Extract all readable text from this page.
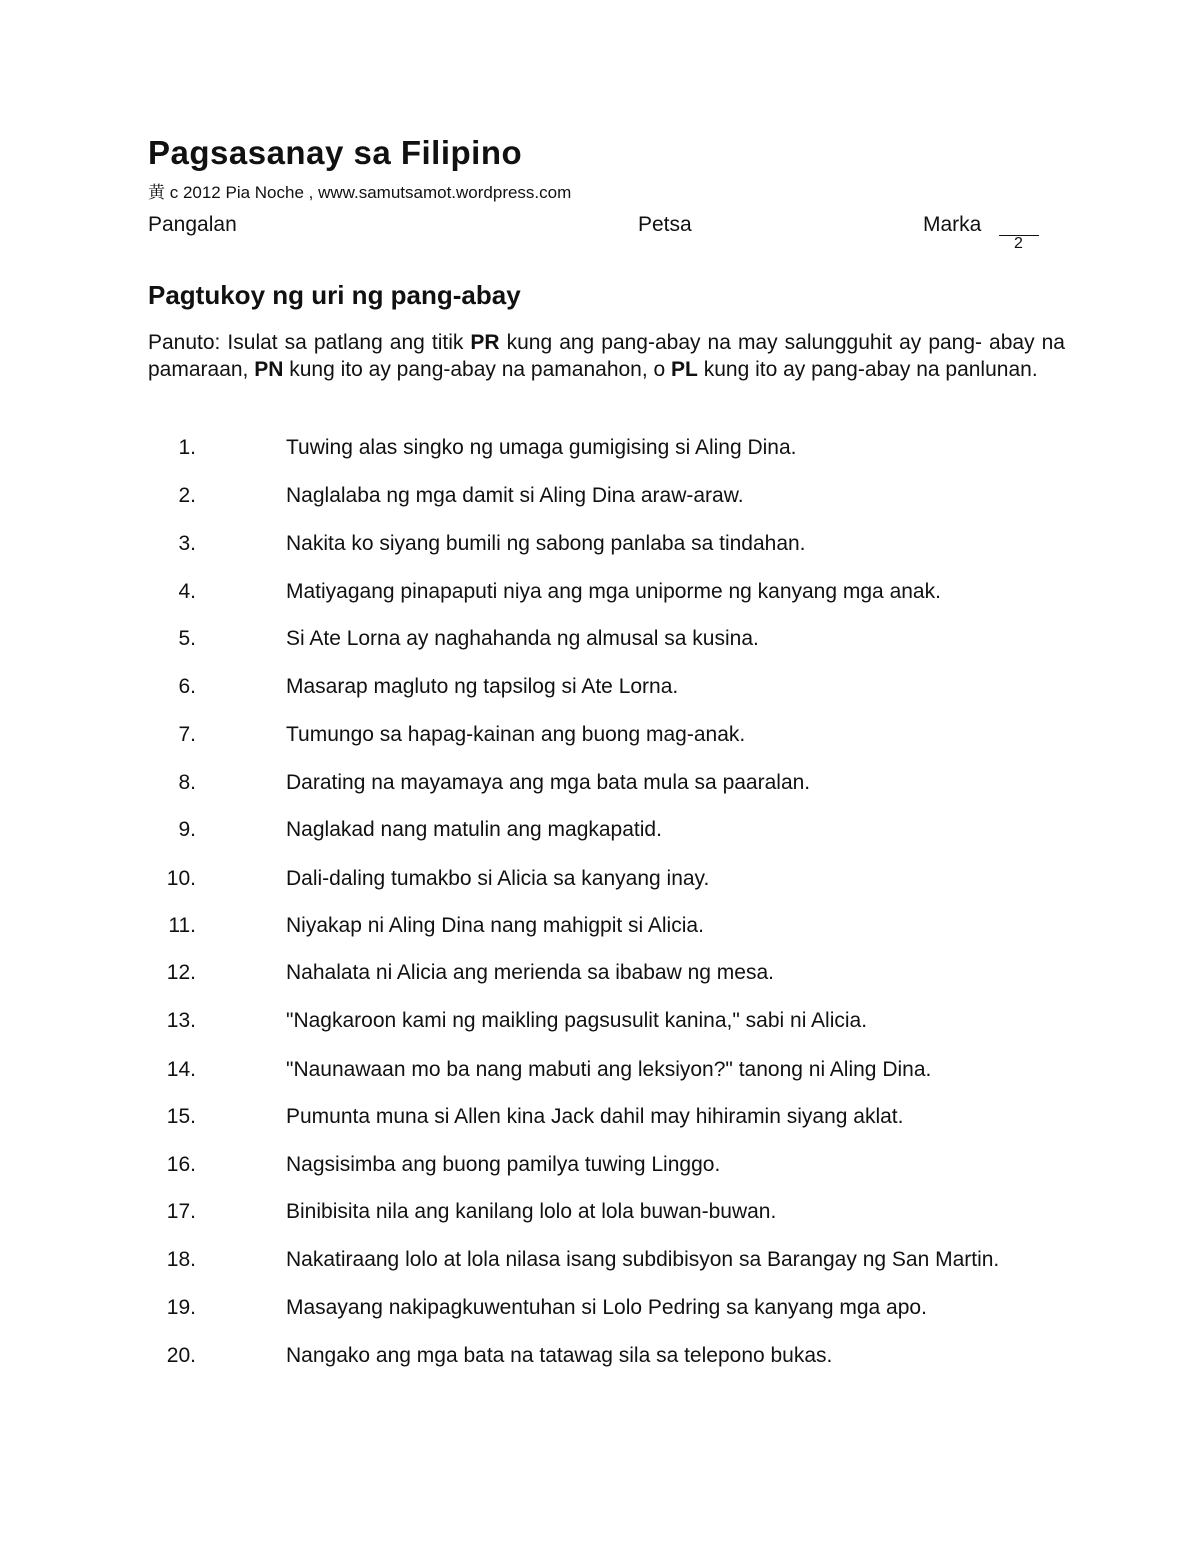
Pagsasanay sa Filipino
黄 c 2012 Pia Noche , www.samutsamot.wordpress.com
Pangalan	Petsa	Marka
2
Pagtukoy ng uri ng pang-abay
Panuto: Isulat sa patlang ang titik PR kung ang pang-abay na may salungguhit ay pang- abay na pamaraan, PN kung ito ay pang-abay na pamanahon, o PL kung ito ay pang-abay na panlunan.
1.	Tuwing alas singko ng umaga gumigising si Aling Dina.
2.	Naglalaba ng mga damit si Aling Dina araw-araw.
3.	Nakita ko siyang bumili ng sabong panlaba sa tindahan.
4.	Matiyagang pinapaputi niya ang mga uniporme ng kanyang mga anak.
5.	Si Ate Lorna ay naghahanda ng almusal sa kusina.
6.	Masarap magluto ng tapsilog si Ate Lorna.
7.	Tumungo sa hapag-kainan ang buong mag-anak.
8.	Darating na mayamaya ang mga bata mula sa paaralan.
9.	Naglakad nang matulin ang magkapatid.
10.	Dali-daling tumakbo si Alicia sa kanyang inay.
11.	Niyakap ni Aling Dina nang mahigpit si Alicia.
12.	Nahalata ni Alicia ang merienda sa ibabaw ng mesa.
13.	"Nagkaroon kami ng maikling pagsusulit kanina," sabi ni Alicia.
14.	"Naunawaan mo ba nang mabuti ang leksiyon?" tanong ni Aling Dina.
15.	Pumunta muna si Allen kina Jack dahil may hihiramin siyang aklat.
16.	Nagsisimba ang buong pamilya tuwing Linggo.
17.	Binibisita nila ang kanilang lolo at lola buwan-buwan.
18.	Nakatiraang lolo at lola nilasa isang subdibisyon sa Barangay ng San Martin.
19.	Masayang nakipagkuwentuhan si Lolo Pedring sa kanyang mga apo.
20.	Nangako ang mga bata na tatawag sila sa telepono bukas.
